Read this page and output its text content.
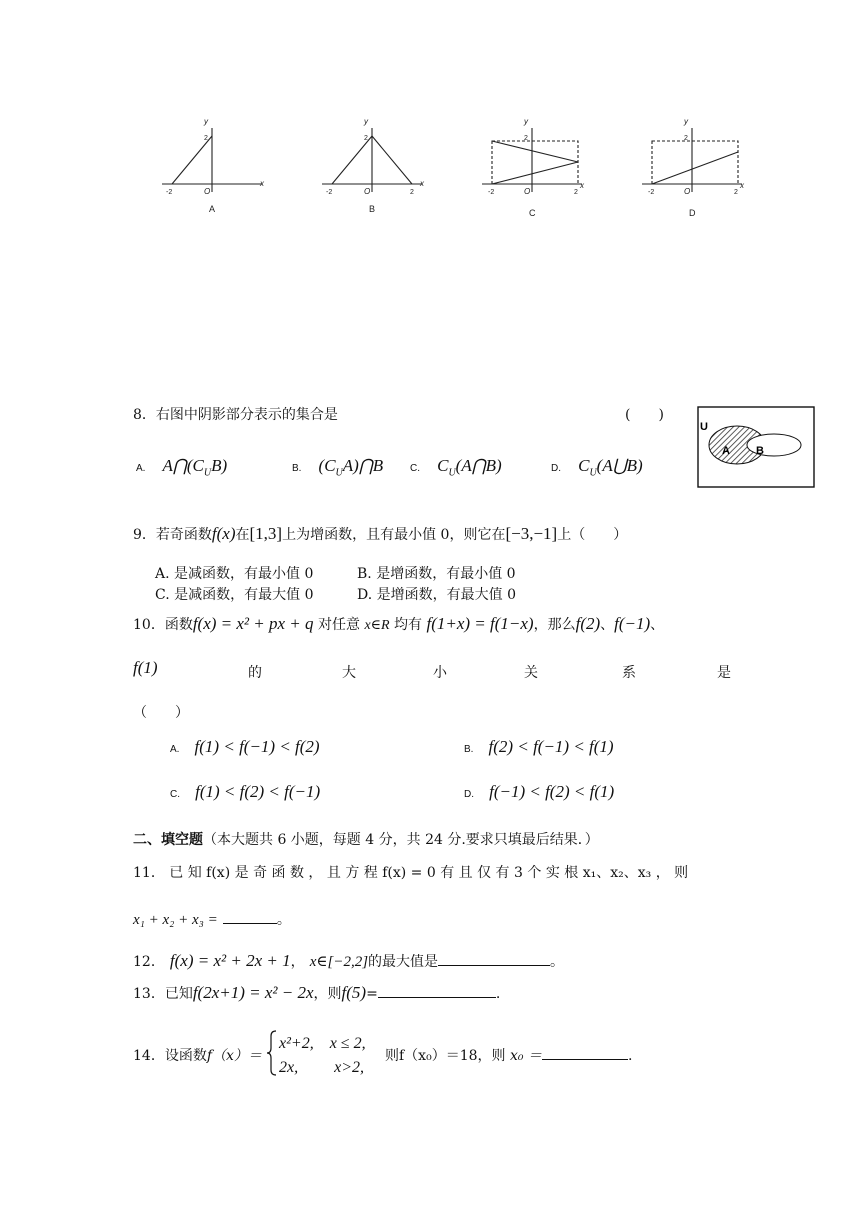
y
x
y
x
y
x
y
x
O	O	O	O
-2
2
-2	2
2
-2	2
2
-2	2
2
A	B	C	D
8．右图中阴影部分表示的集合是	(　　)
A. $A⋂(C_UB)$	B. $(C_UA)⋂B$	C. $C_U(A⋂B)$	D. $C_U(A⋃B)$
U
A B
9．若奇函数f(x)在[1,3]上为增函数，且有最小值 0，则它在[−3,−1]上（　　）
A. 是减函数，有最小值 0	B. 是增函数，有最小值 0
C. 是减函数，有最大值 0	D. 是增函数，有最大值 0
10．函数f(x) = x² + px + q 对任意 x∈R 均有 f(1+x) = f(1−x)，那么f(2)、f(−1)、
f(1)	的	大	小	关	系	是
（　　）
A. f(1) < f(−1) < f(2)	B. f(2) < f(−1) < f(1)
C. f(1) < f(2) < f(−1)	D. f(−1) < f(2) < f(1)
二、填空题（本大题共 6 小题，每题 4 分，共 24 分.要求只填最后结果．）
11． 已 知 f(x) 是 奇 函 数 ， 且 方 程 f(x) = 0 有 且 仅 有 3 个 实 根 x₁、x₂、x₃ ， 则
x₁ + x₂ + x₃ =	。
12． f(x) = x² + 2x + 1， x∈[−2,2]的最大值是	。
13．已知f(2x+1) = x² − 2x，则f(5)=	.
14．设函数f（x）＝
x²+2,　x ≤ 2,
2x,　　 x>2,
则f（x₀）＝18，则 x₀ ＝	.
